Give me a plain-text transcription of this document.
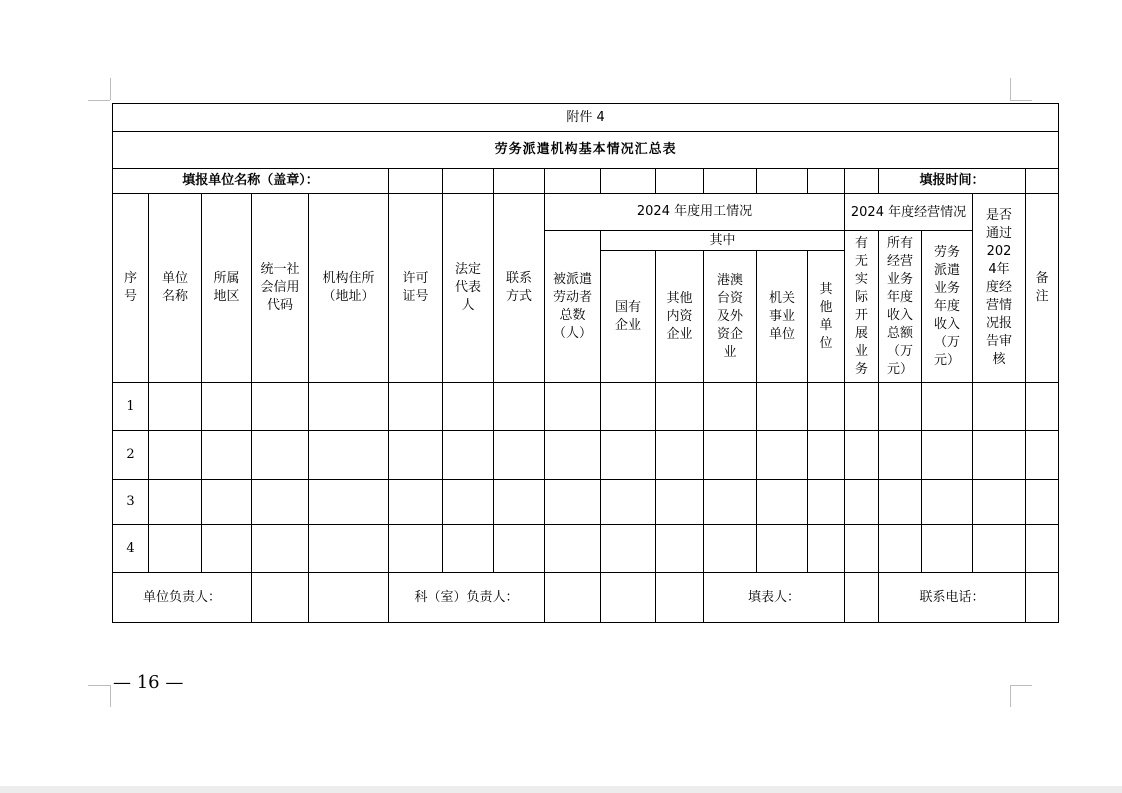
附件 4																		
劳务派遣机构基本情况汇总表																		
填报单位名称（盖章）：															填报时间：			
序号	单位名称	所属地区	统一社会信用代码	机构住所（地址）	许可证号	法定代表人	联系方式	2024 年度用工情况						2024 年度经营情况			是否通过2024年度经营情况报告审核	备注
								被派遣劳动者总数（人）	其中					有无实际开展业务	所有经营业务年度收入总额（万元）	劳务派遣业务年度收入（万元）		
									国有企业	其他内资企业	港澳台资及外资企业	机关事业单位	其他单位					
1																		
2																		
3																		
4																		
单位负责人：					科（室）负责人：						填表人：				联系电话：			
— 16 —
